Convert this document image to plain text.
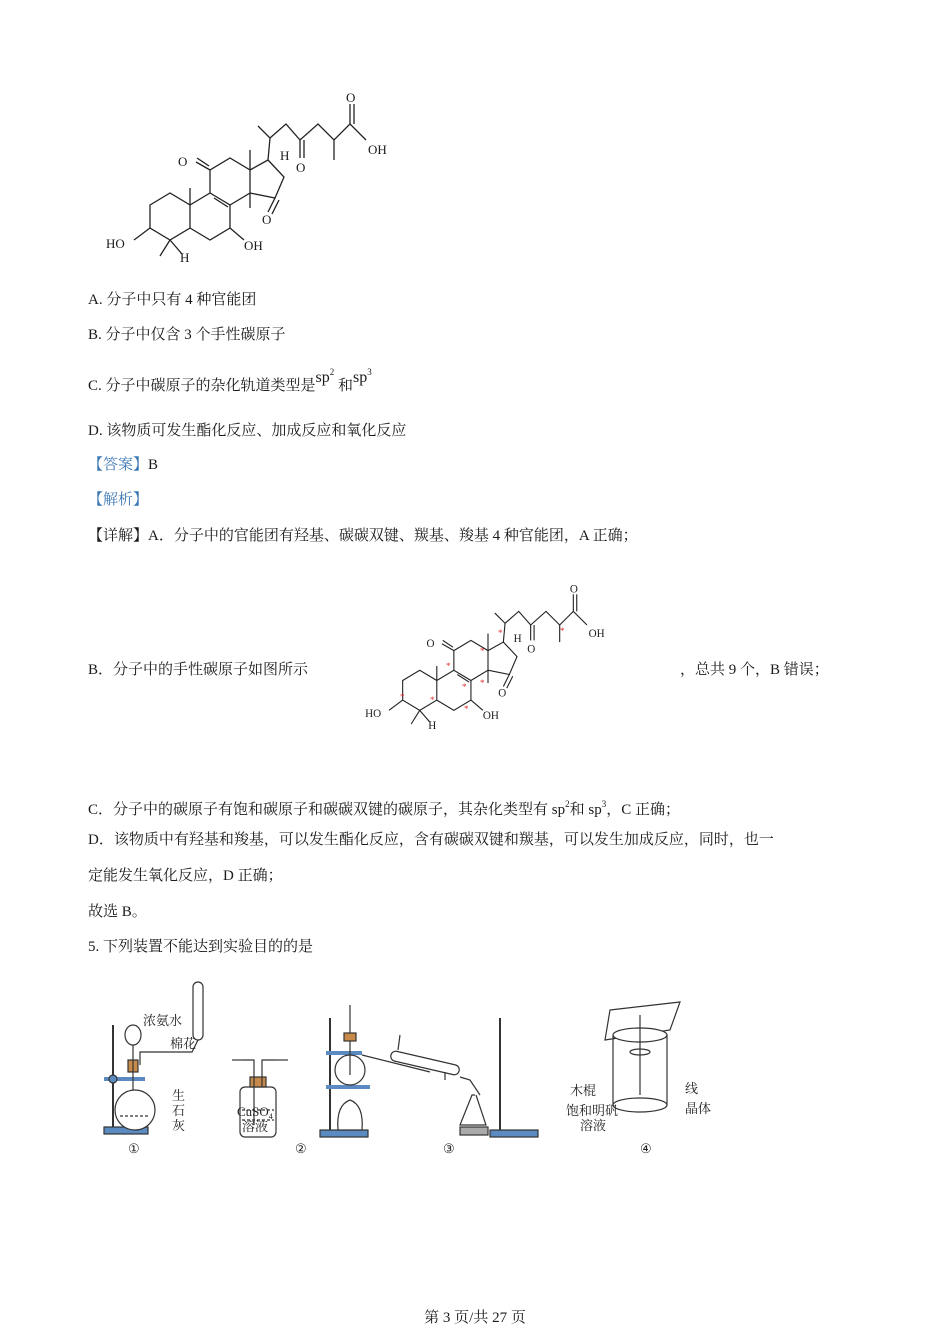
A. 分子中只有 4 种官能团
B. 分子中仅含 3 个手性碳原子
C. 分子中碳原子的杂化轨道类型是$sp^2$ 和$sp^3$
D. 该物质可发生酯化反应、加成反应和氧化反应
【答案】B
【解析】
【详解】A．分子中的官能团有羟基、碳碳双键、羰基、羧基 4 种官能团，A 正确；
B．分子中的手性碳原子如图所示	*
*
*
*
*
*
*	*
*
，总共 9 个，B 错误；
C．分子中的碳原子有饱和碳原子和碳碳双键的碳原子，其杂化类型有 $sp^2$和 $sp^3$，C 正确；
D．该物质中有羟基和羧基，可以发生酯化反应，含有碳碳双键和羰基，可以发生加成反应，同时，也一
定能发生氧化反应，D 正确；
故选 B。
5. 下列装置不能达到实验目的的是
浓氨水
棉花
生
石
灰
①
CuSO$_4$
溶液
②	③
木棍
饱和明矾
溶液
线
晶体
④
第 3 页/共 27 页
